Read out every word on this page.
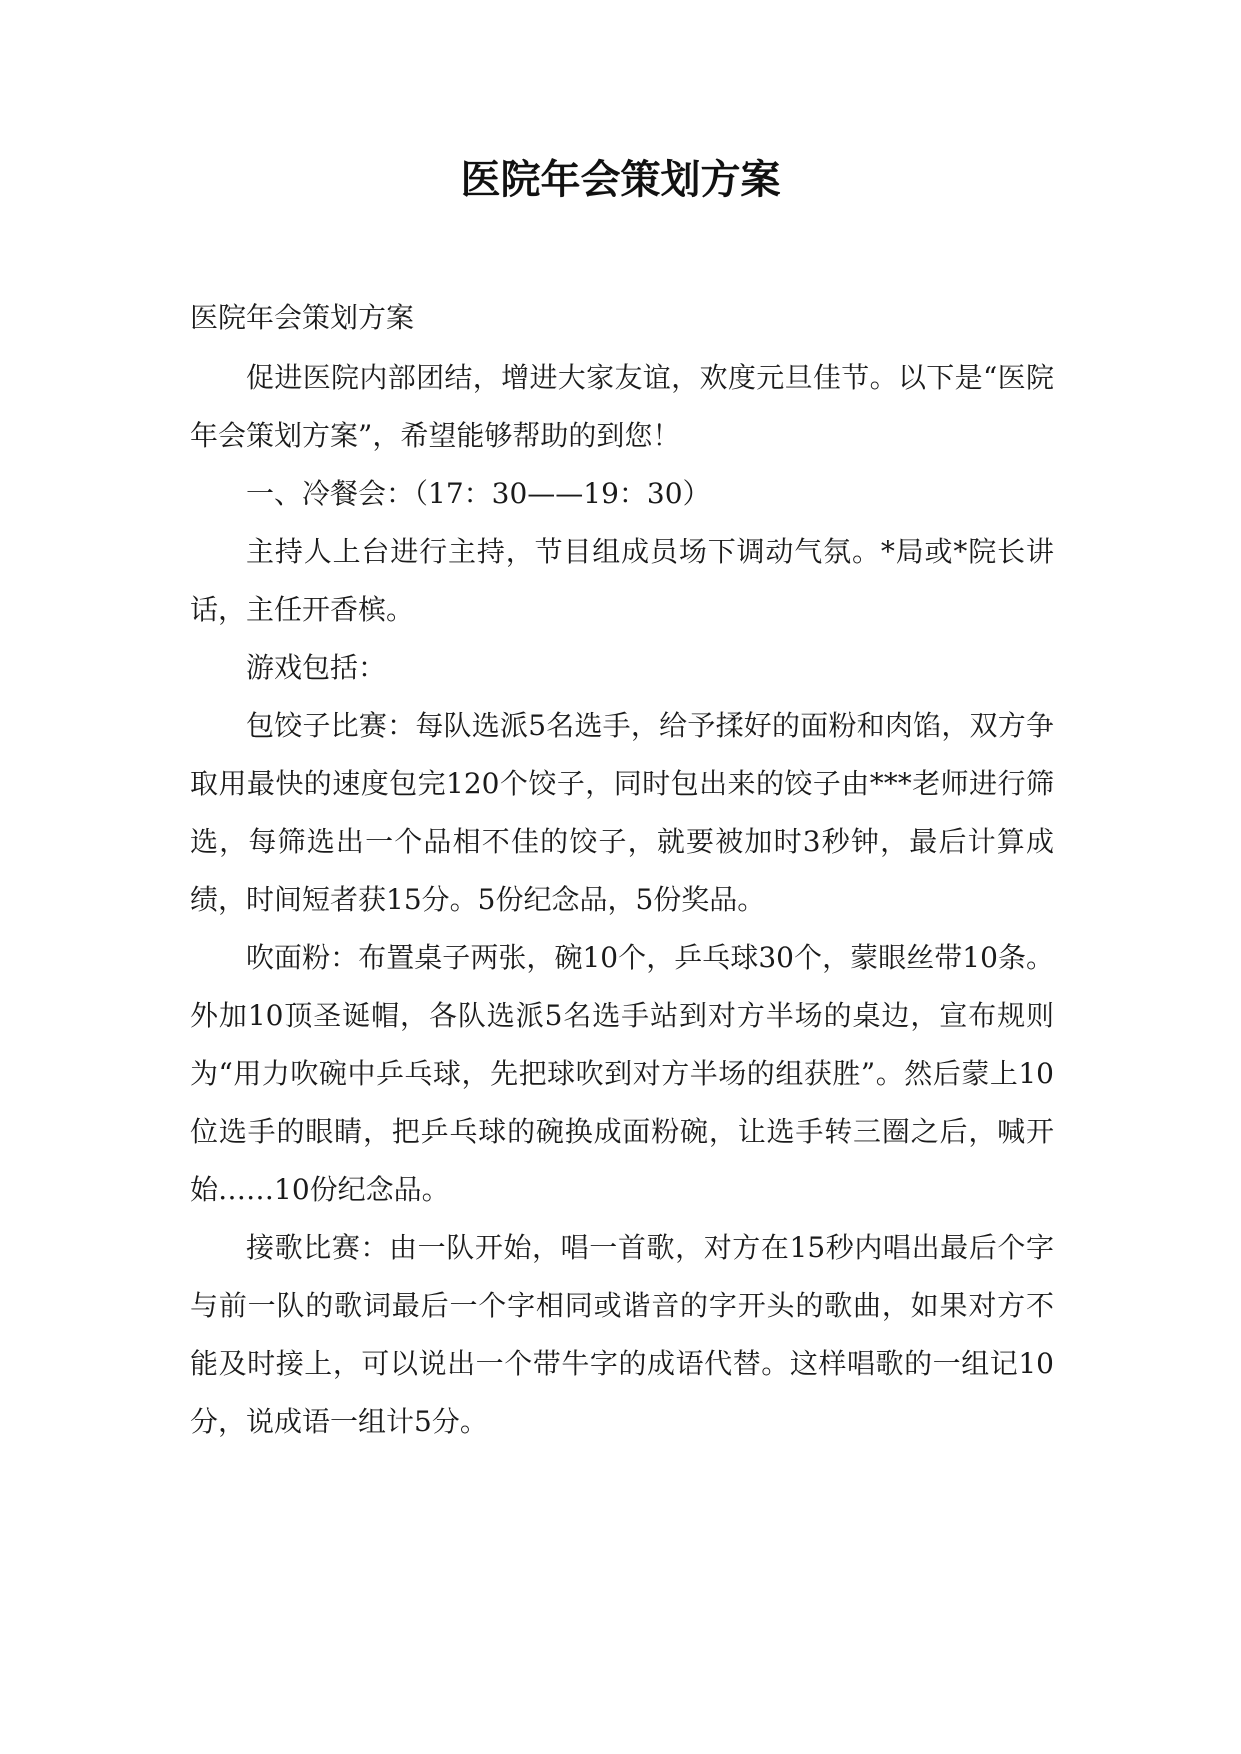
医院年会策划方案

医院年会策划方案

促进医院内部团结，增进大家友谊，欢度元旦佳节。以下是“医院年会策划方案”，希望能够帮助的到您！

一、冷餐会：（17：30——19：30）

主持人上台进行主持，节目组成员场下调动气氛。*局或*院长讲话，主任开香槟。

游戏包括：

包饺子比赛：每队选派5名选手，给予揉好的面粉和肉馅，双方争取用最快的速度包完120个饺子，同时包出来的饺子由***老师进行筛选，每筛选出一个品相不佳的饺子，就要被加时3秒钟，最后计算成绩，时间短者获15分。5份纪念品，5份奖品。

吹面粉：布置桌子两张，碗10个，乒乓球30个，蒙眼丝带10条。外加10顶圣诞帽，各队选派5名选手站到对方半场的桌边，宣布规则为“用力吹碗中乒乓球，先把球吹到对方半场的组获胜”。然后蒙上10位选手的眼睛，把乒乓球的碗换成面粉碗，让选手转三圈之后，喊开始……10份纪念品。

接歌比赛：由一队开始，唱一首歌，对方在15秒内唱出最后个字与前一队的歌词最后一个字相同或谐音的字开头的歌曲，如果对方不能及时接上，可以说出一个带牛字的成语代替。这样唱歌的一组记10分，说成语一组计5分。
